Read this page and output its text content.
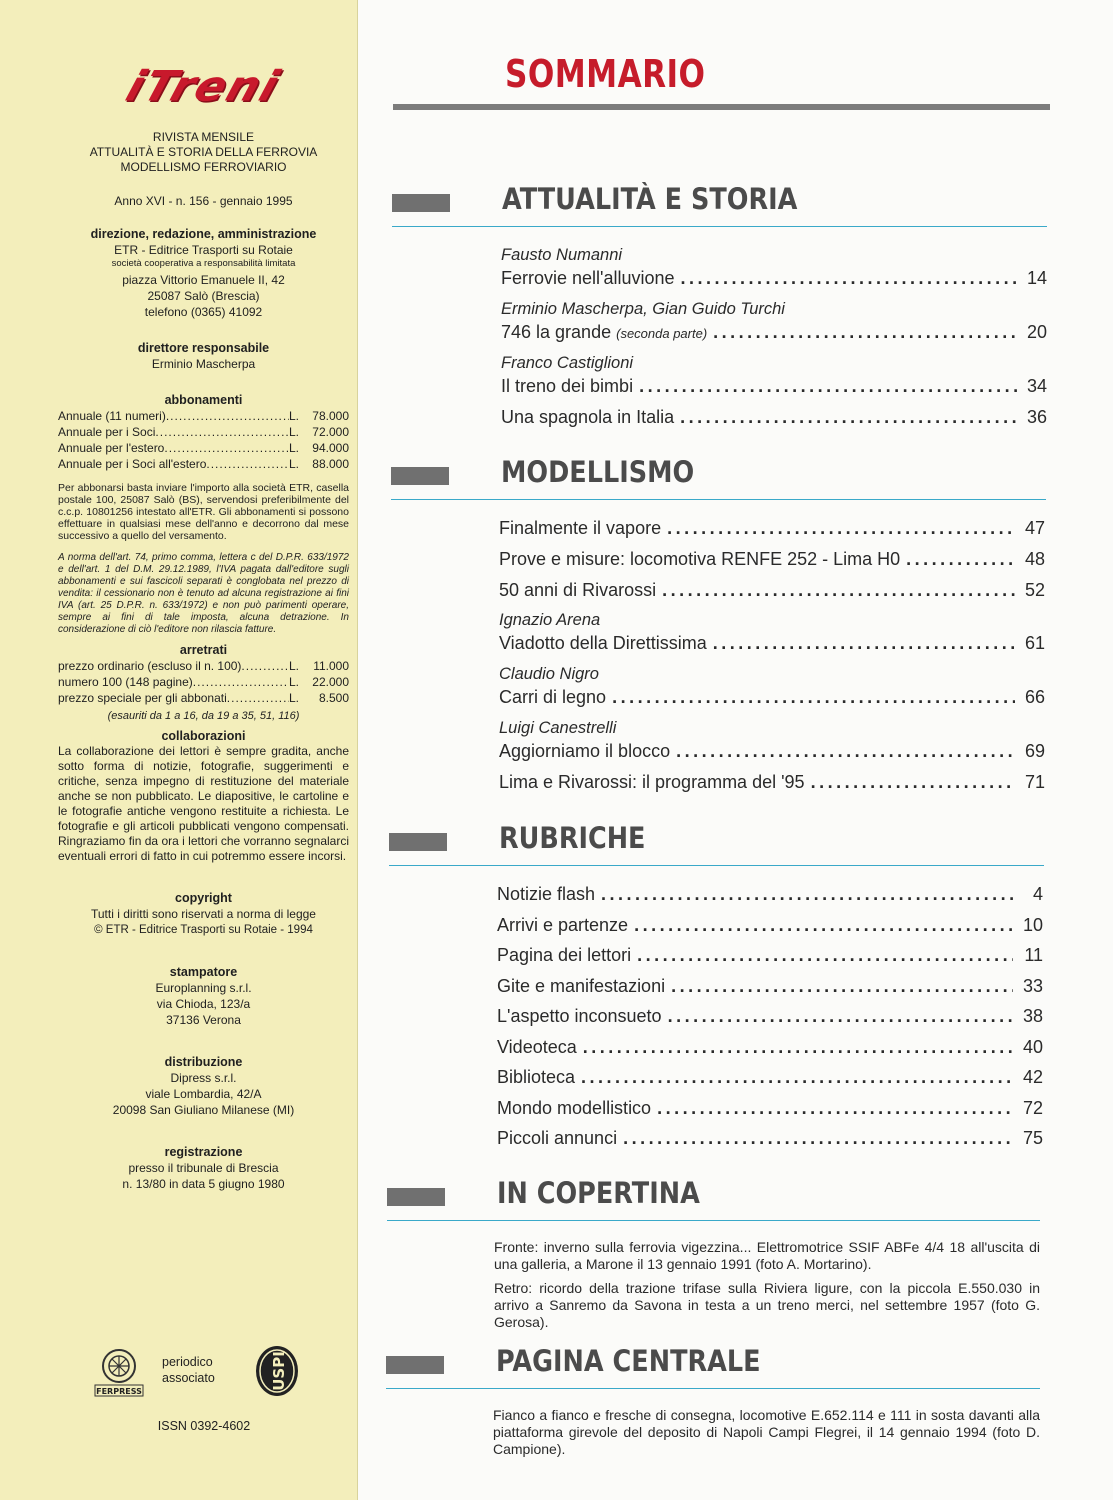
iTreni
RIVISTA MENSILE
ATTUALITÀ E STORIA DELLA FERROVIA
MODELLISMO FERROVIARIO
Anno XVI - n. 156 - gennaio 1995
direzione, redazione, amministrazione
ETR - Editrice Trasporti su Rotaie
società cooperativa a responsabilità limitata
piazza Vittorio Emanuele II, 42
25087 Salò (Brescia)
telefono (0365) 41092
direttore responsabile
Erminio Mascherpa
abbonamenti
Annuale (11 numeri) .....	L.	78.000
Annuale per i Soci .....	L.	72.000
Annuale per l'estero .....	L.	94.000
Annuale per i Soci all'estero .....	L.	88.000
Per abbonarsi basta inviare l'importo alla società ETR, casella postale 100, 25087 Salò (BS), servendosi preferibilmente del c.c.p. 10801256 intestato all'ETR. Gli abbonamenti si possono effettuare in qualsiasi mese dell'anno e decorrono dal mese successivo a quello del versamento.
A norma dell'art. 74, primo comma, lettera c del D.P.R. 633/1972 e dell'art. 1 del D.M. 29.12.1989, l'IVA pagata dall'editore sugli abbonamenti e sui fascicoli separati è conglobata nel prezzo di vendita: il cessionario non è tenuto ad alcuna registrazione ai fini IVA (art. 25 D.P.R. n. 633/1972) e non può parimenti operare, sempre ai fini di tale imposta, alcuna detrazione. In considerazione di ciò l'editore non rilascia fatture.
arretrati
prezzo ordinario (escluso il n. 100) .....	L.	11.000
numero 100 (148 pagine) .....	L.	22.000
prezzo speciale per gli abbonati .....	L.	8.500
(esauriti da 1 a 16, da 19 a 35, 51, 116)
collaborazioni
La collaborazione dei lettori è sempre gradita, anche sotto forma di notizie, fotografie, suggerimenti e critiche, senza impegno di restituzione del materiale anche se non pubblicato. Le diapositive, le cartoline e le fotografie antiche vengono restituite a richiesta. Le fotografie e gli articoli pubblicati vengono compensati. Ringraziamo fin da ora i lettori che vorranno segnalarci eventuali errori di fatto in cui potremmo essere incorsi.
copyright
Tutti i diritti sono riservati a norma di legge
© ETR - Editrice Trasporti su Rotaie - 1994
stampatore
Europlanning s.r.l.
via Chioda, 123/a
37136 Verona
distribuzione
Dipress s.r.l.
viale Lombardia, 42/A
20098 San Giuliano Milanese (MI)
registrazione
presso il tribunale di Brescia
n. 13/80 in data 5 giugno 1980
FERPRESS
periodico
associato	USPI
ISSN 0392-4602
SOMMARIO
ATTUALITÀ E STORIA
Fausto Numanni
Ferrovie nell'alluvione .....	14
Erminio Mascherpa, Gian Guido Turchi
746 la grande (seconda parte) .....	20
Franco Castiglioni
Il treno dei bimbi .....	34
Una spagnola in Italia .....	36
MODELLISMO
Finalmente il vapore .....	47
Prove e misure: locomotiva RENFE 252 - Lima H0 .....	48
50 anni di Rivarossi .....	52
Ignazio Arena
Viadotto della Direttissima .....	61
Claudio Nigro
Carri di legno .....	66
Luigi Canestrelli
Aggiorniamo il blocco .....	69
Lima e Rivarossi: il programma del '95 .....	71
RUBRICHE
Notizie flash .....	4
Arrivi e partenze .....	10
Pagina dei lettori .....	11
Gite e manifestazioni .....	33
L'aspetto inconsueto .....	38
Videoteca .....	40
Biblioteca .....	42
Mondo modellistico .....	72
Piccoli annunci .....	75
IN COPERTINA
Fronte: inverno sulla ferrovia vigezzina... Elettromotrice SSIF ABFe 4/4 18 all'uscita di una galleria, a Marone il 13 gennaio 1991 (foto A. Mortarino).
Retro: ricordo della trazione trifase sulla Riviera ligure, con la piccola E.550.030 in arrivo a Sanremo da Savona in testa a un treno merci, nel settembre 1957 (foto G. Gerosa).
PAGINA CENTRALE
Fianco a fianco e fresche di consegna, locomotive E.652.114 e 111 in sosta davanti alla piattaforma girevole del deposito di Napoli Campi Flegrei, il 14 gennaio 1994 (foto D. Campione).
